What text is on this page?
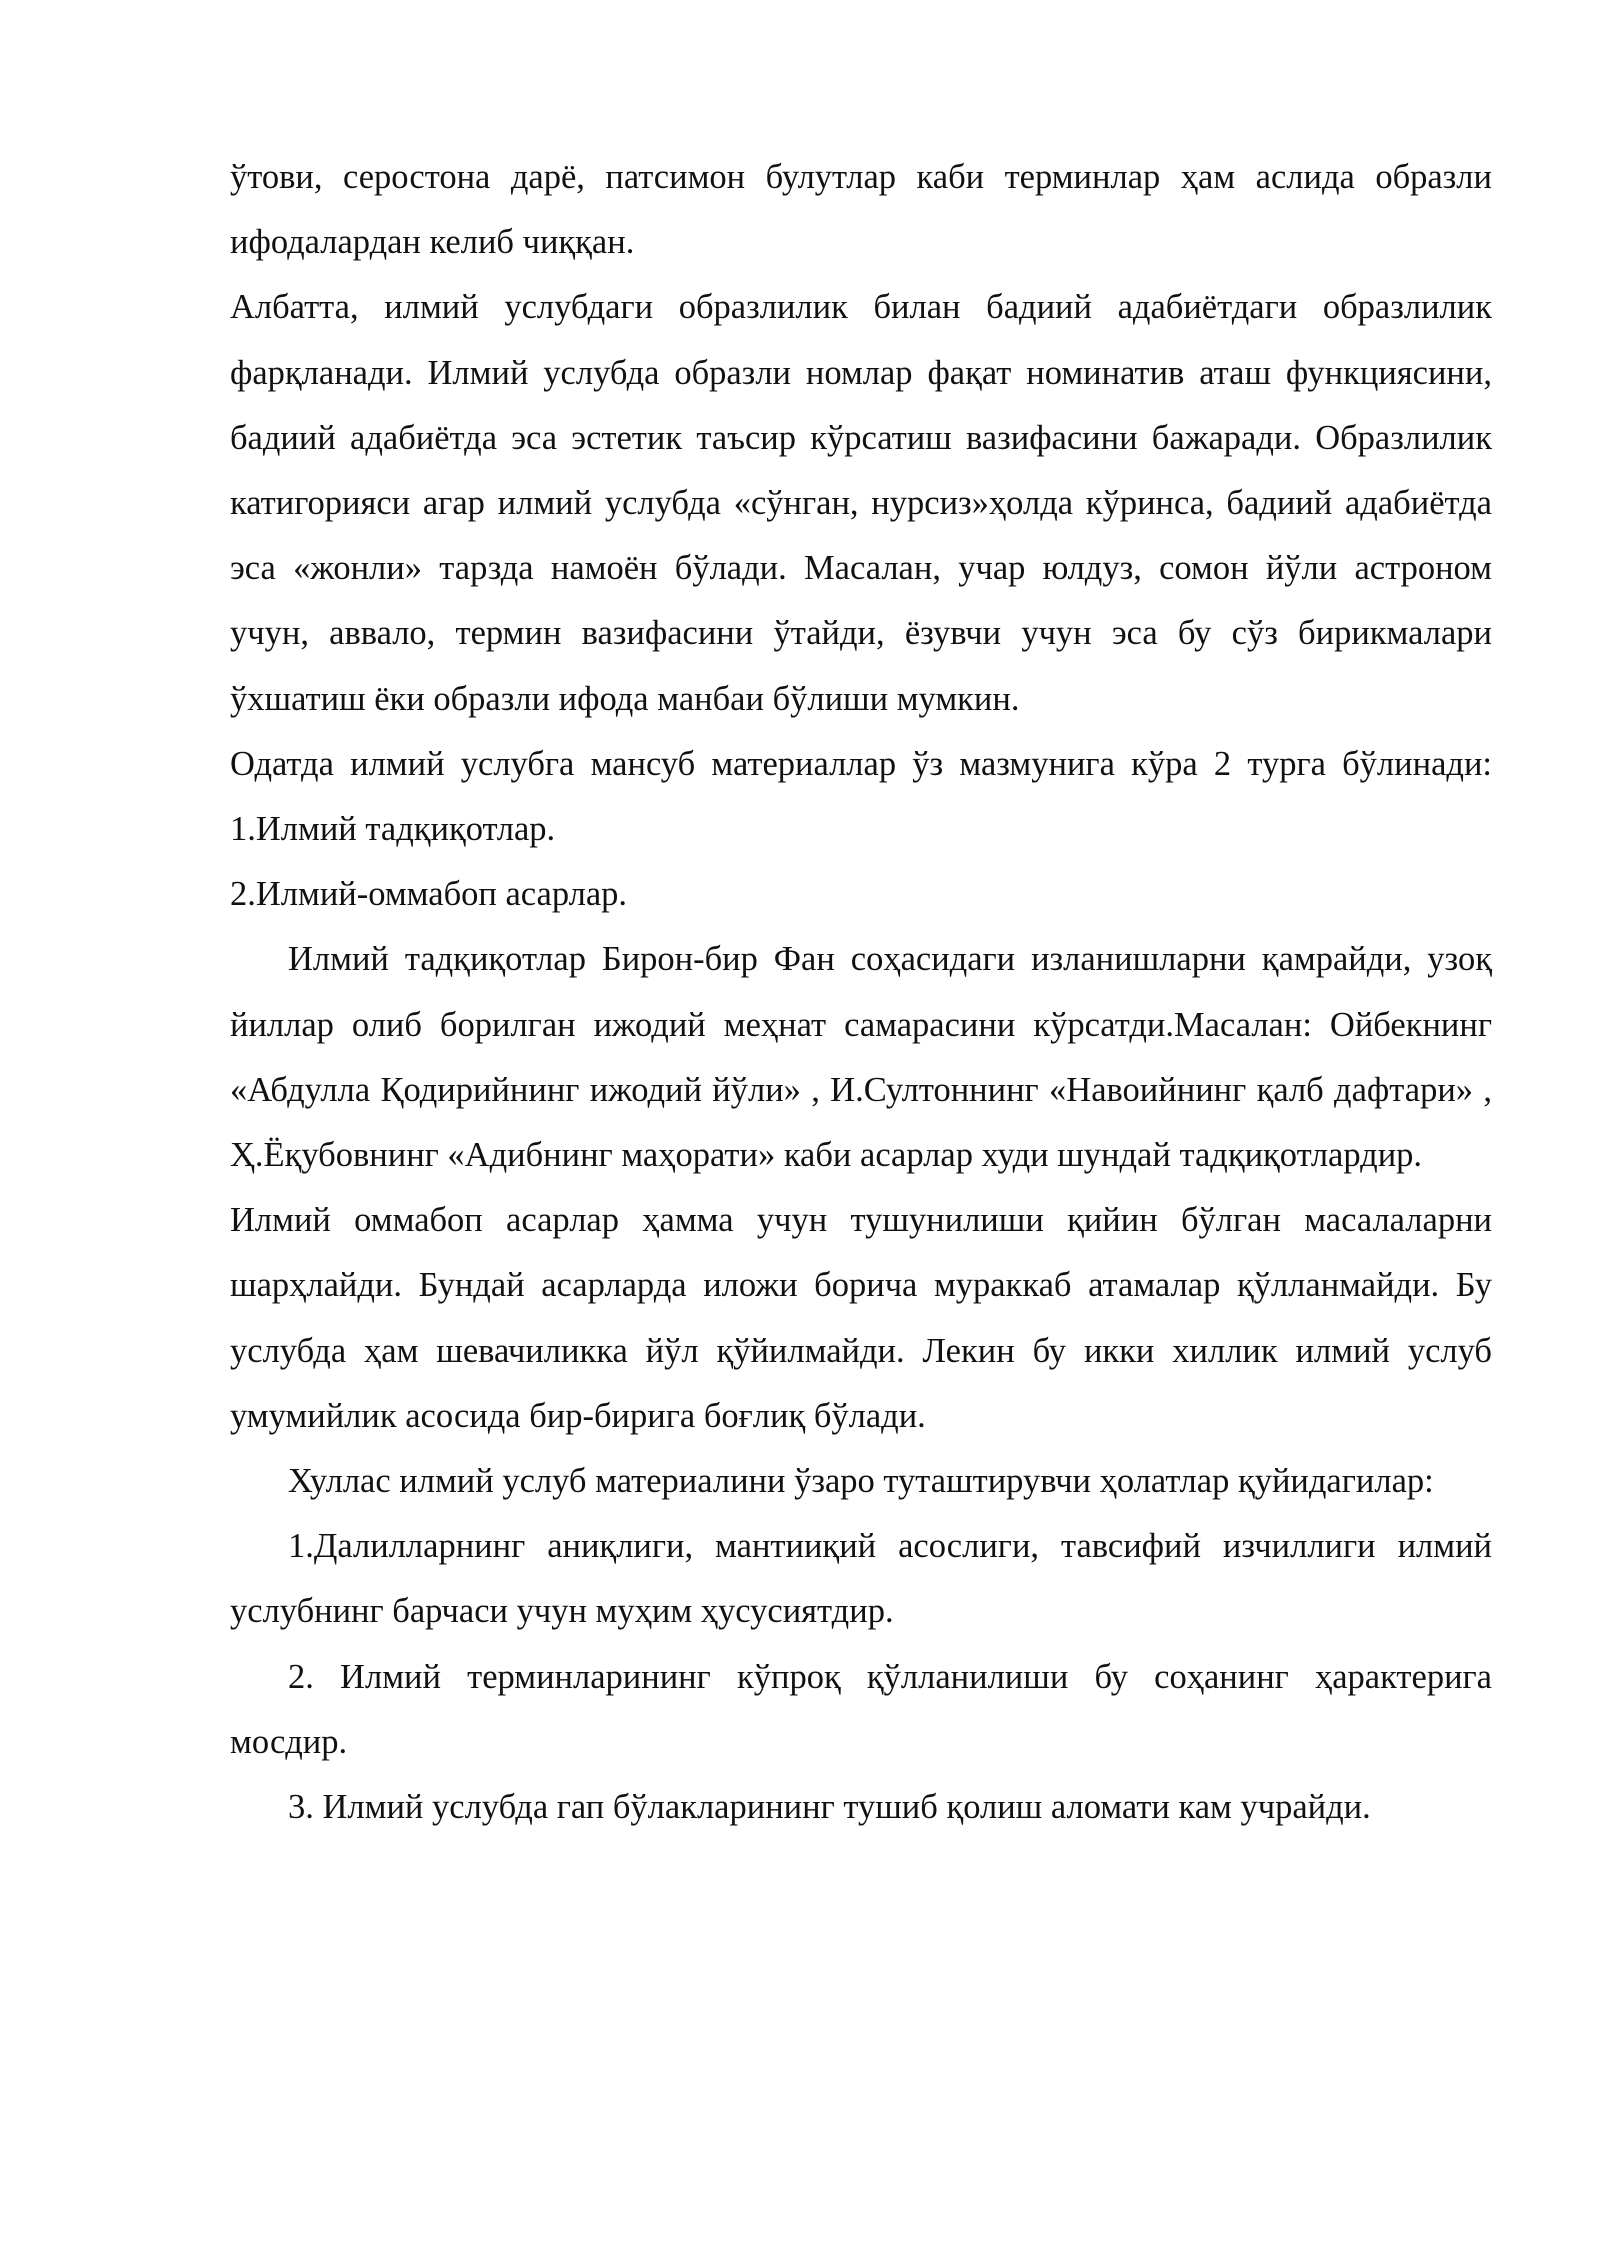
ўтови, серостона дарё, патсимон булутлар каби терминлар ҳам аслида образли ифодалардан келиб чиққан.

Албатта, илмий услубдаги образлилик билан бадиий адабиётдаги образлилик фарқланади. Илмий услубда образли номлар фақат номинатив аташ функциясини, бадиий адабиётда эса эстетик таъсир кўрсатиш вазифасини бажаради. Образлилик катигорияси агар илмий услубда «сўнган, нурсиз»ҳолда кўринса, бадиий адабиётда эса «жонли» тарзда намоён бўлади. Масалан, учар юлдуз, сомон йўли астроном учун, аввало, термин вазифасини ўтайди, ёзувчи учун эса бу сўз бирикмалари ўхшатиш ёки образли ифода манбаи бўлиши мумкин.

Одатда илмий услубга мансуб материаллар ўз мазмунига кўра 2 турга бўлинади: 1.Илмий тадқиқотлар.

2.Илмий-оммабоп асарлар.

Илмий тадқиқотлар Бирон-бир Фан соҳасидаги изланишларни қамрайди, узоқ йиллар олиб борилган ижодий меҳнат самарасини кўрсатди.Масалан: Ойбекнинг «Абдулла Қодирийнинг ижодий йўли» , И.Султоннинг «Навоийнинг қалб дафтари» , Ҳ.Ёқубовнинг «Адибнинг маҳорати» каби асарлар худи шундай тадқиқотлардир.

Илмий оммабоп асарлар ҳамма учун тушунилиши қийин бўлган масалаларни шарҳлайди. Бундай асарларда иложи борича мураккаб атамалар қўлланмайди. Бу услубда ҳам шевачиликка йўл қўйилмайди. Лекин бу икки хиллик илмий услуб умумийлик асосида бир-бирига боғлиқ бўлади.

Хуллас илмий услуб материалини ўзаро туташтирувчи ҳолатлар қуйидагилар:

1.Далилларнинг аниқлиги, мантииқий асослиги, тавсифий изчиллиги илмий услубнинг барчаси учун муҳим ҳусусиятдир.

2. Илмий терминларининг кўпроқ қўлланилиши бу соҳанинг ҳарактерига мосдир.

3. Илмий услубда гап бўлакларининг тушиб қолиш аломати кам учрайди.
